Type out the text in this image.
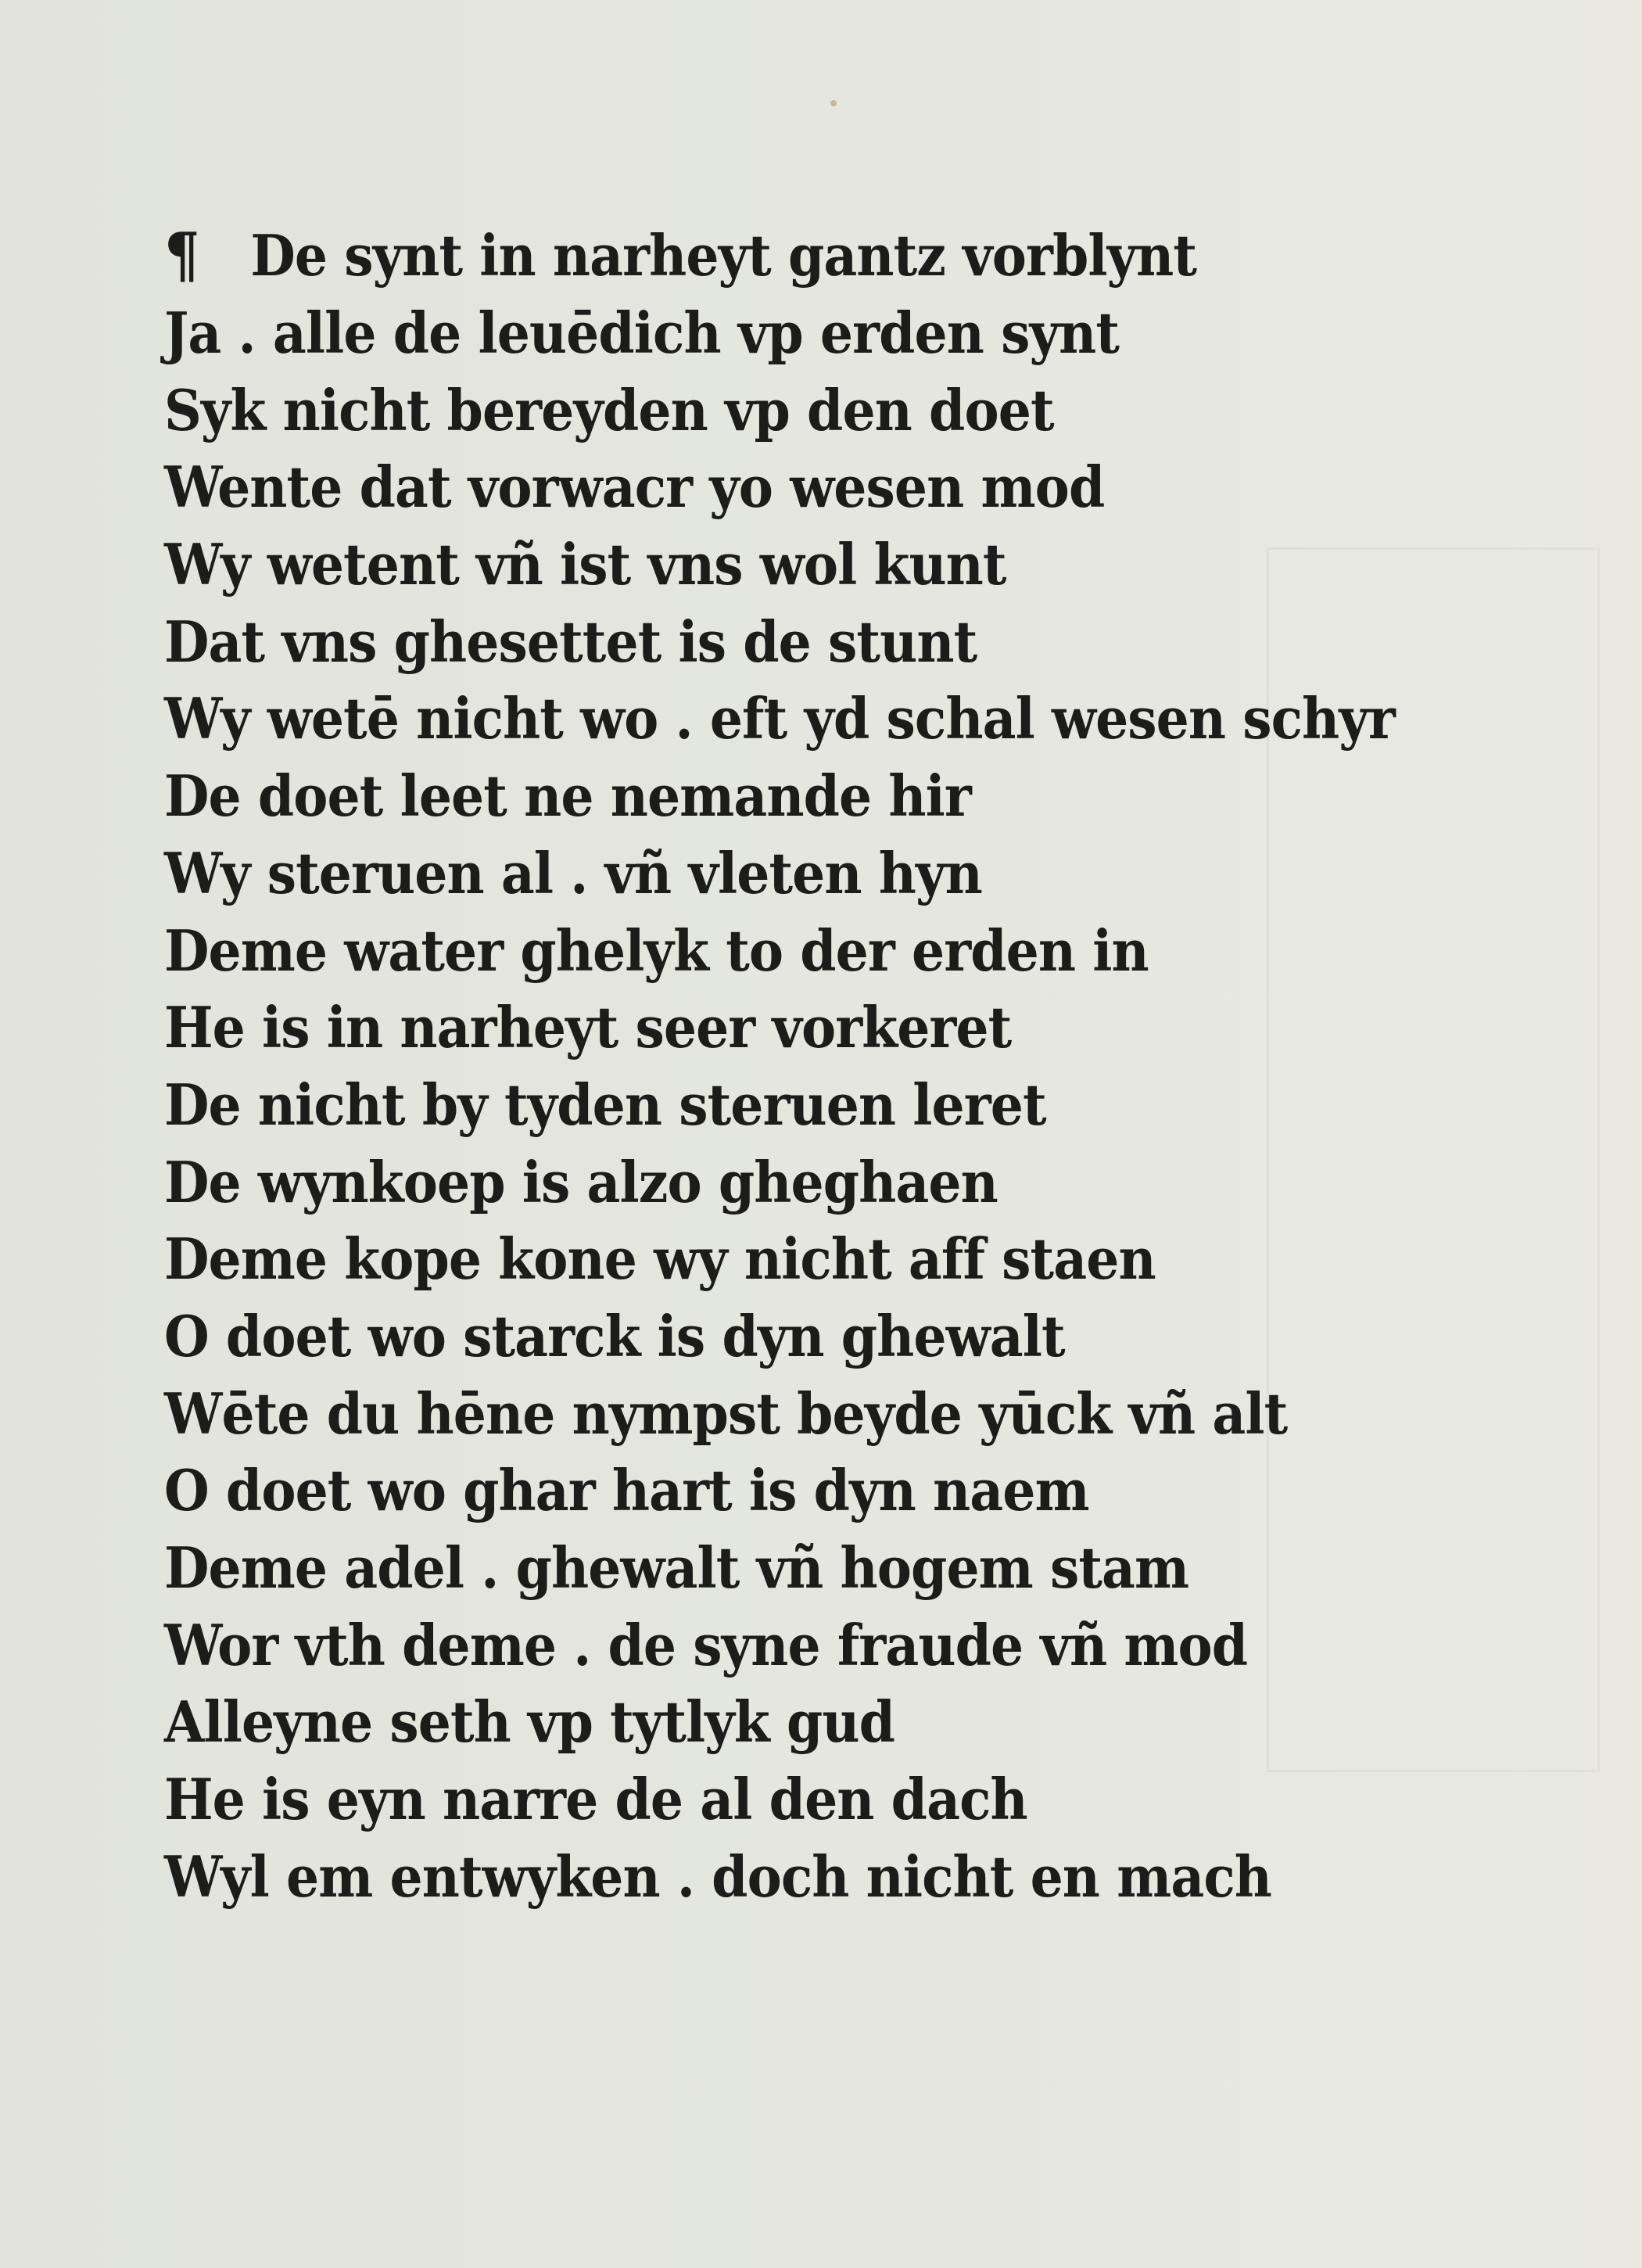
¶ De synt in narheyt gantz vorblynt
Ja . alle de leuēdich vp erden synt
Syk nicht bereyden vp den doet
Wente dat vorwacr yo wesen mod
Wy wetent vñ ist vns wol kunt
Dat vns ghesettet is de stunt
Wy wetē nicht wo . eft yd schal wesen schyr
De doet leet ne nemande hir
Wy steruen al . vñ vleten hyn
Deme water ghelyk to der erden in
He is in narheyt seer vorkeret
De nicht by tyden steruen leret
De wynkoep is alzo gheghaen
Deme kope kone wy nicht aff staen
O doet wo starck is dyn ghewalt
Wēte du hēne nympst beyde yūck vñ alt
O doet wo ghar hart is dyn naem
Deme adel . ghewalt vñ hogem stam
Wor vth deme . de syne fraude vñ mod
Alleyne seth vp tytlyk gud
He is eyn narre de al den dach
Wyl em entwyken . doch nicht en mach
